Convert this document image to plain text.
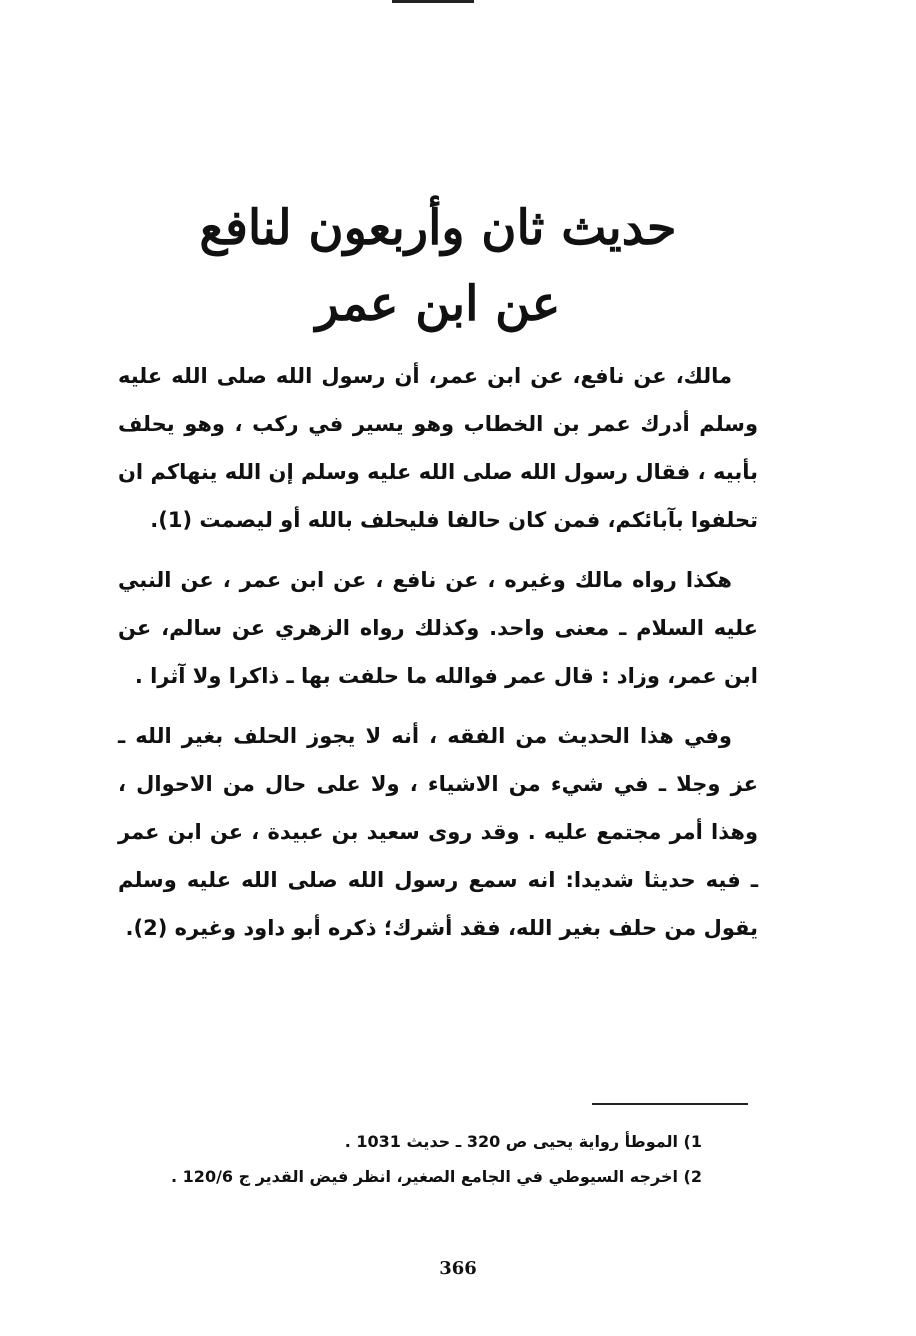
حديث ثان وأربعون لنافع
عن ابن عمر

مالك، عن نافع، عن ابن عمر، أن رسول الله صلى الله عليه وسلم أدرك عمر بن الخطاب وهو يسير في ركب ، وهو يحلف بأبيه ، فقال رسول الله صلى الله عليه وسلم إن الله ينهاكم ان تحلفوا بآبائكم، فمن كان حالفا فليحلف بالله أو ليصمت (1).

هكذا رواه مالك وغيره ، عن نافع ، عن ابن عمر ، عن النبي عليه السلام ـ معنى واحد. وكذلك رواه الزهري عن سالم، عن ابن عمر، وزاد : قال عمر فوالله ما حلفت بها ـ ذاكرا ولا آثرا .

وفي هذا الحديث من الفقه ، أنه لا يجوز الحلف بغير الله ـ عز وجلا ـ في شيء من الاشياء ، ولا على حال من الاحوال ، وهذا أمر مجتمع عليه . وقد روى سعيد بن عبيدة ، عن ابن عمر ـ فيه حديثا شديدا: انه سمع رسول الله صلى الله عليه وسلم يقول من حلف بغير الله، فقد أشرك؛ ذكره أبو داود وغيره (2).

1) الموطأ رواية يحيى ص 320 ـ حديث 1031 .
2) اخرجه السيوطي في الجامع الصغير، انظر فيض القدير ج 120/6 .
366
